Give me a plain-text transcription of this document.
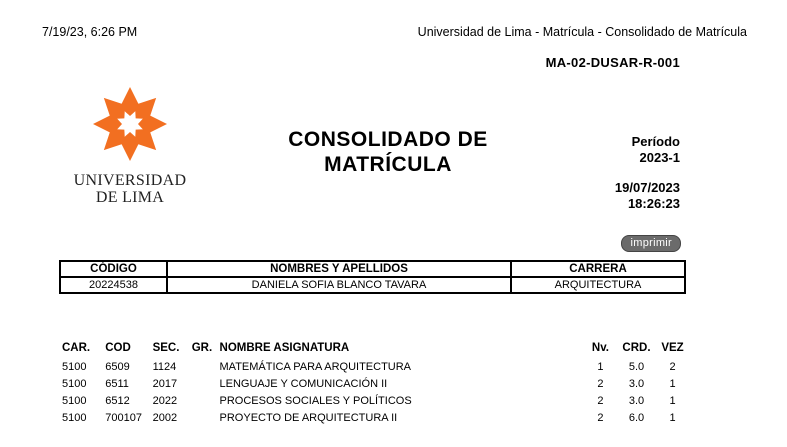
7/19/23, 6:26 PM	Universidad de Lima - Matrícula - Consolidado de Matrícula
MA-02-DUSAR-R-001
UNIVERSIDAD
DE LIMA
CONSOLIDADO DE
MATRÍCULA
Período
2023-1
19/07/2023
18:26:23
imprimir
CÓDIGO	NOMBRES Y APELLIDOS	CARRERA
20224538	DANIELA SOFIA BLANCO TAVARA	ARQUITECTURA
CAR.	COD	SEC.	GR.	NOMBRE ASIGNATURA	Nv.	CRD.	VEZ
5100	6509	1124		MATEMÁTICA PARA ARQUITECTURA	1	5.0	2
5100	6511	2017		LENGUAJE Y COMUNICACIÓN II	2	3.0	1
5100	6512	2022		PROCESOS SOCIALES Y POLÍTICOS	2	3.0	1
5100	700107	2002		PROYECTO DE ARQUITECTURA II	2	6.0	1
